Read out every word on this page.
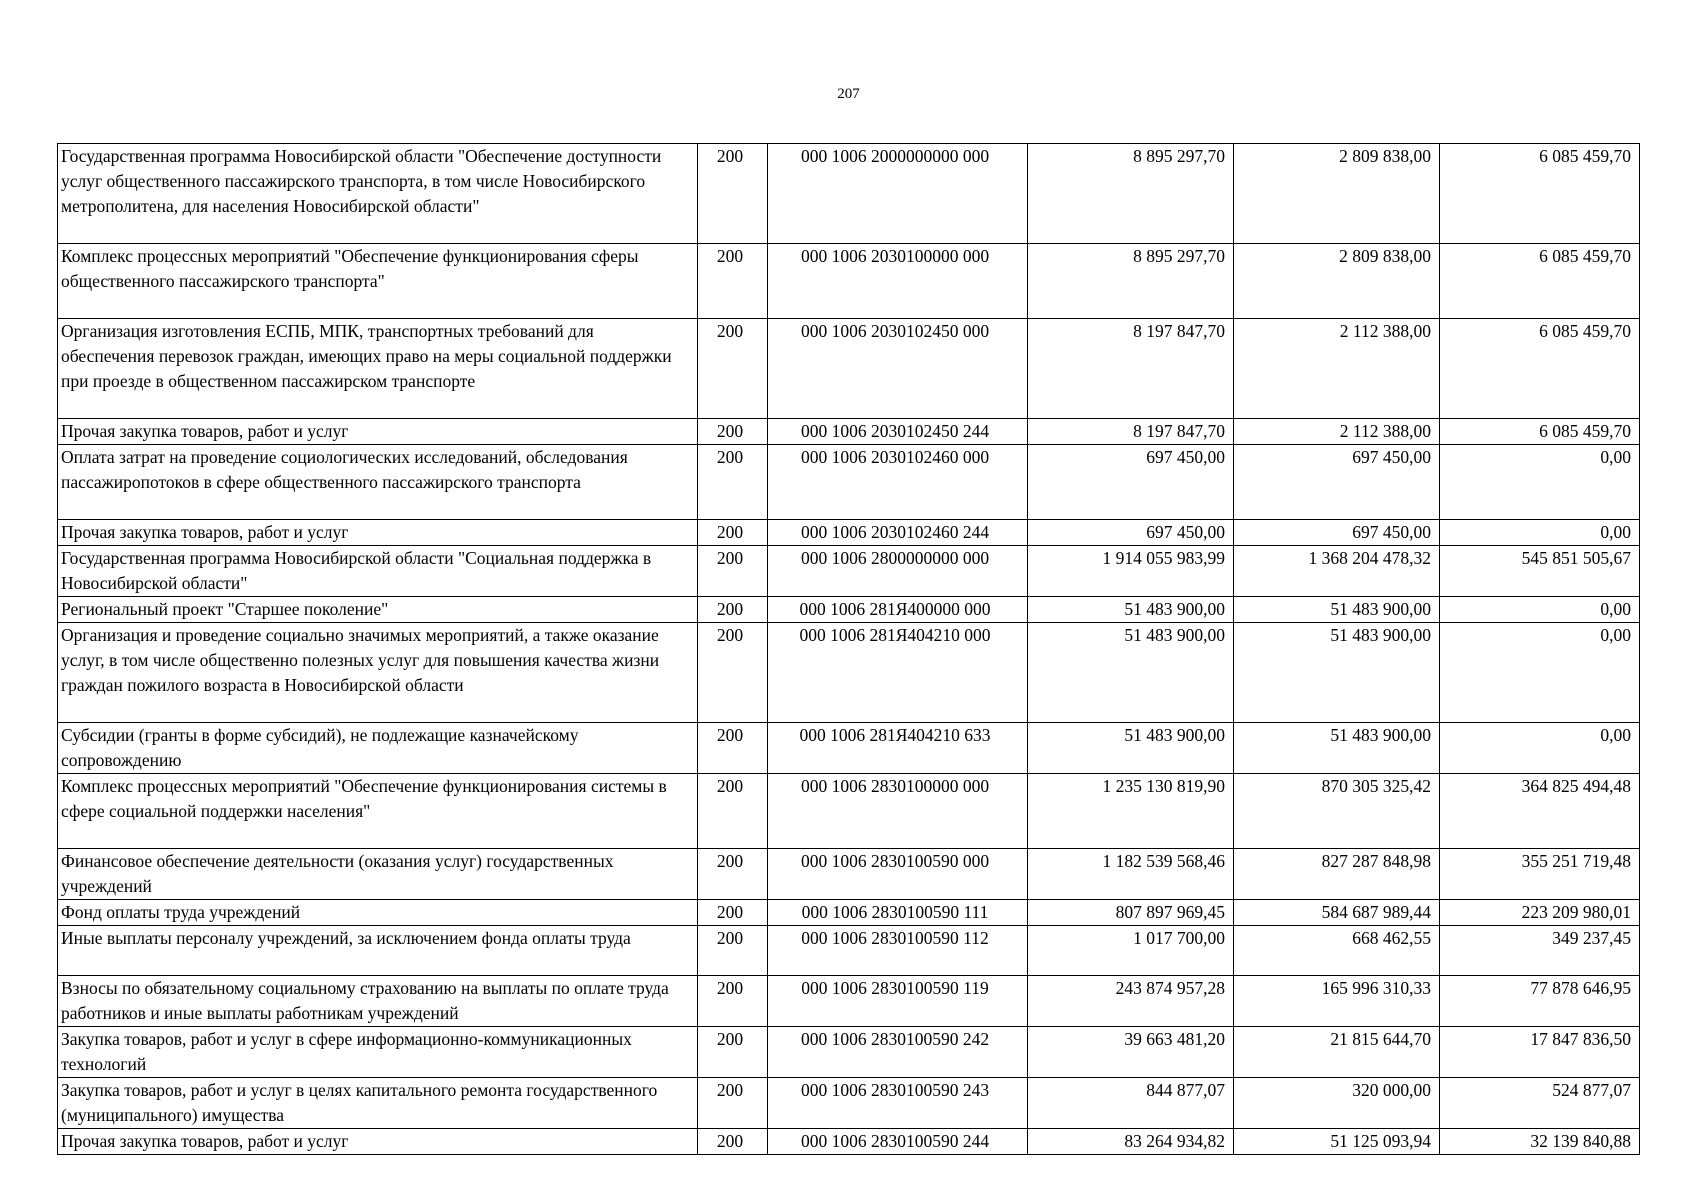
207
Государственная программа Новосибирской области "Обеспечение доступности услуг общественного пассажирского транспорта, в том числе Новосибирского метрополитена, для населения Новосибирской области"	200	000 1006 2000000000 000	8 895 297,70	2 809 838,00	6 085 459,70
Комплекс процессных мероприятий "Обеспечение функционирования сферы общественного пассажирского транспорта"	200	000 1006 2030100000 000	8 895 297,70	2 809 838,00	6 085 459,70
Организация изготовления ЕСПБ, МПК, транспортных требований для обеспечения перевозок граждан, имеющих право на меры социальной поддержки при проезде в общественном пассажирском транспорте	200	000 1006 2030102450 000	8 197 847,70	2 112 388,00	6 085 459,70
Прочая закупка товаров, работ и услуг	200	000 1006 2030102450 244	8 197 847,70	2 112 388,00	6 085 459,70
Оплата затрат на проведение социологических исследований, обследования пассажиропотоков в сфере общественного пассажирского транспорта	200	000 1006 2030102460 000	697 450,00	697 450,00	0,00
Прочая закупка товаров, работ и услуг	200	000 1006 2030102460 244	697 450,00	697 450,00	0,00
Государственная программа Новосибирской области "Социальная поддержка в Новосибирской области"	200	000 1006 2800000000 000	1 914 055 983,99	1 368 204 478,32	545 851 505,67
Региональный проект "Старшее поколение"	200	000 1006 281Я400000 000	51 483 900,00	51 483 900,00	0,00
Организация и проведение социально значимых мероприятий, а также оказание услуг, в том числе общественно полезных услуг для повышения качества жизни граждан пожилого возраста в Новосибирской области	200	000 1006 281Я404210 000	51 483 900,00	51 483 900,00	0,00
Субсидии (гранты в форме субсидий), не подлежащие казначейскому сопровождению	200	000 1006 281Я404210 633	51 483 900,00	51 483 900,00	0,00
Комплекс процессных мероприятий "Обеспечение функционирования системы в сфере социальной поддержки населения"	200	000 1006 2830100000 000	1 235 130 819,90	870 305 325,42	364 825 494,48
Финансовое обеспечение деятельности (оказания услуг) государственных учреждений	200	000 1006 2830100590 000	1 182 539 568,46	827 287 848,98	355 251 719,48
Фонд оплаты труда учреждений	200	000 1006 2830100590 111	807 897 969,45	584 687 989,44	223 209 980,01
Иные выплаты персоналу учреждений, за исключением фонда оплаты труда	200	000 1006 2830100590 112	1 017 700,00	668 462,55	349 237,45
Взносы по обязательному социальному страхованию на выплаты по оплате труда работников и иные выплаты работникам учреждений	200	000 1006 2830100590 119	243 874 957,28	165 996 310,33	77 878 646,95
Закупка товаров, работ и услуг в сфере информационно-коммуникационных технологий	200	000 1006 2830100590 242	39 663 481,20	21 815 644,70	17 847 836,50
Закупка товаров, работ и услуг в целях капитального ремонта государственного (муниципального) имущества	200	000 1006 2830100590 243	844 877,07	320 000,00	524 877,07
Прочая закупка товаров, работ и услуг	200	000 1006 2830100590 244	83 264 934,82	51 125 093,94	32 139 840,88
